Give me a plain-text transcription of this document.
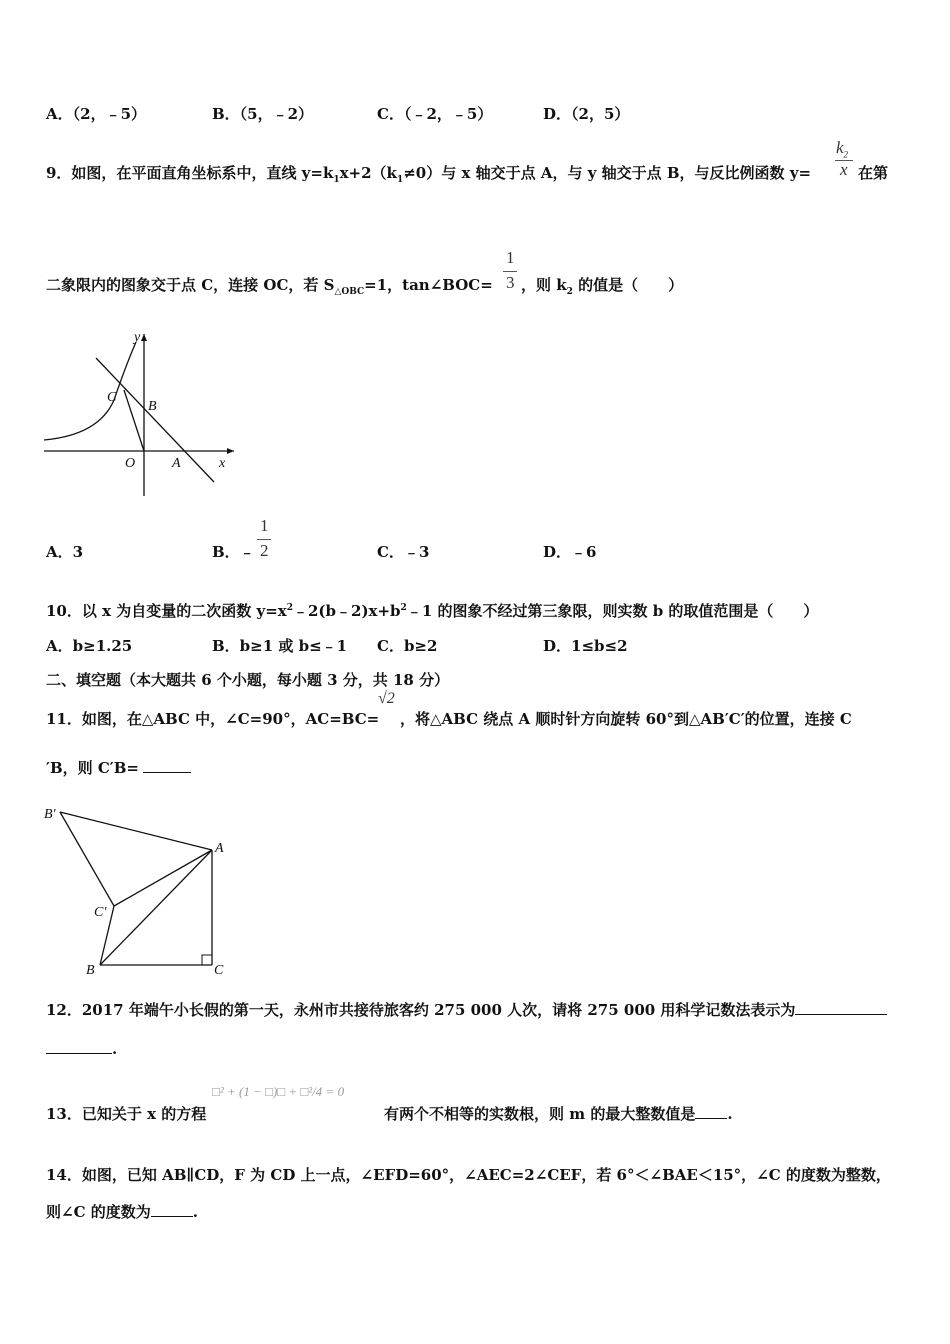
A．（2，﹣5）	B．（5，﹣2）	C．（﹣2，﹣5）	D．（2，5）
9．如图，在平面直角坐标系中，直线 $y=k_1x+2(k_1\ne 0)$与 x 轴交于点 A，与 y 轴交于点 B，与反比例函数 y=
$k_2$
x 在第
二象限内的图象交于点 C，连接 OC，若 $S_{\triangle OBC}=1$，tan∠BOC=
1
3 ，则 $k_2$ 的值是（　　）
y
x
O	A
B
C
A．3	B．﹣
1
2	C．﹣3	D．﹣6
10．以 x 为自变量的二次函数 $y=x^2﹣2(b﹣2)x+b^2﹣1$ 的图象不经过第三象限，则实数 b 的取值范围是（　　）
A．b≥1.25	B．b≥1 或 b≤﹣1 C．b≥2	D．1≤b≤2
二、填空题（本大题共 6 个小题，每小题 3 分，共 18 分）
11．如图，在△ABC 中，∠C=90°，AC=BC=
√2
，将△ABC 绕点 A 顺时针方向旋转 60°到△AB′C′的位置，连接 C
′B，则 C′B=
B′
A
C′
B	C
12．2017 年端午小长假的第一天，永州市共接待旅客约 275 000 人次，请将 275 000 用科学记数法表示为
.
13．已知关于 x 的方程
□² + (1 − □)□ + □²/4 = 0
有两个不相等的实数根，则 m 的最大整数值是 .
14．如图，已知 AB∥CD，F 为 CD 上一点，∠EFD=60°，∠AEC=2∠CEF，若 6°＜∠BAE＜15°，∠C 的度数为整数，
则∠C 的度数为	.
